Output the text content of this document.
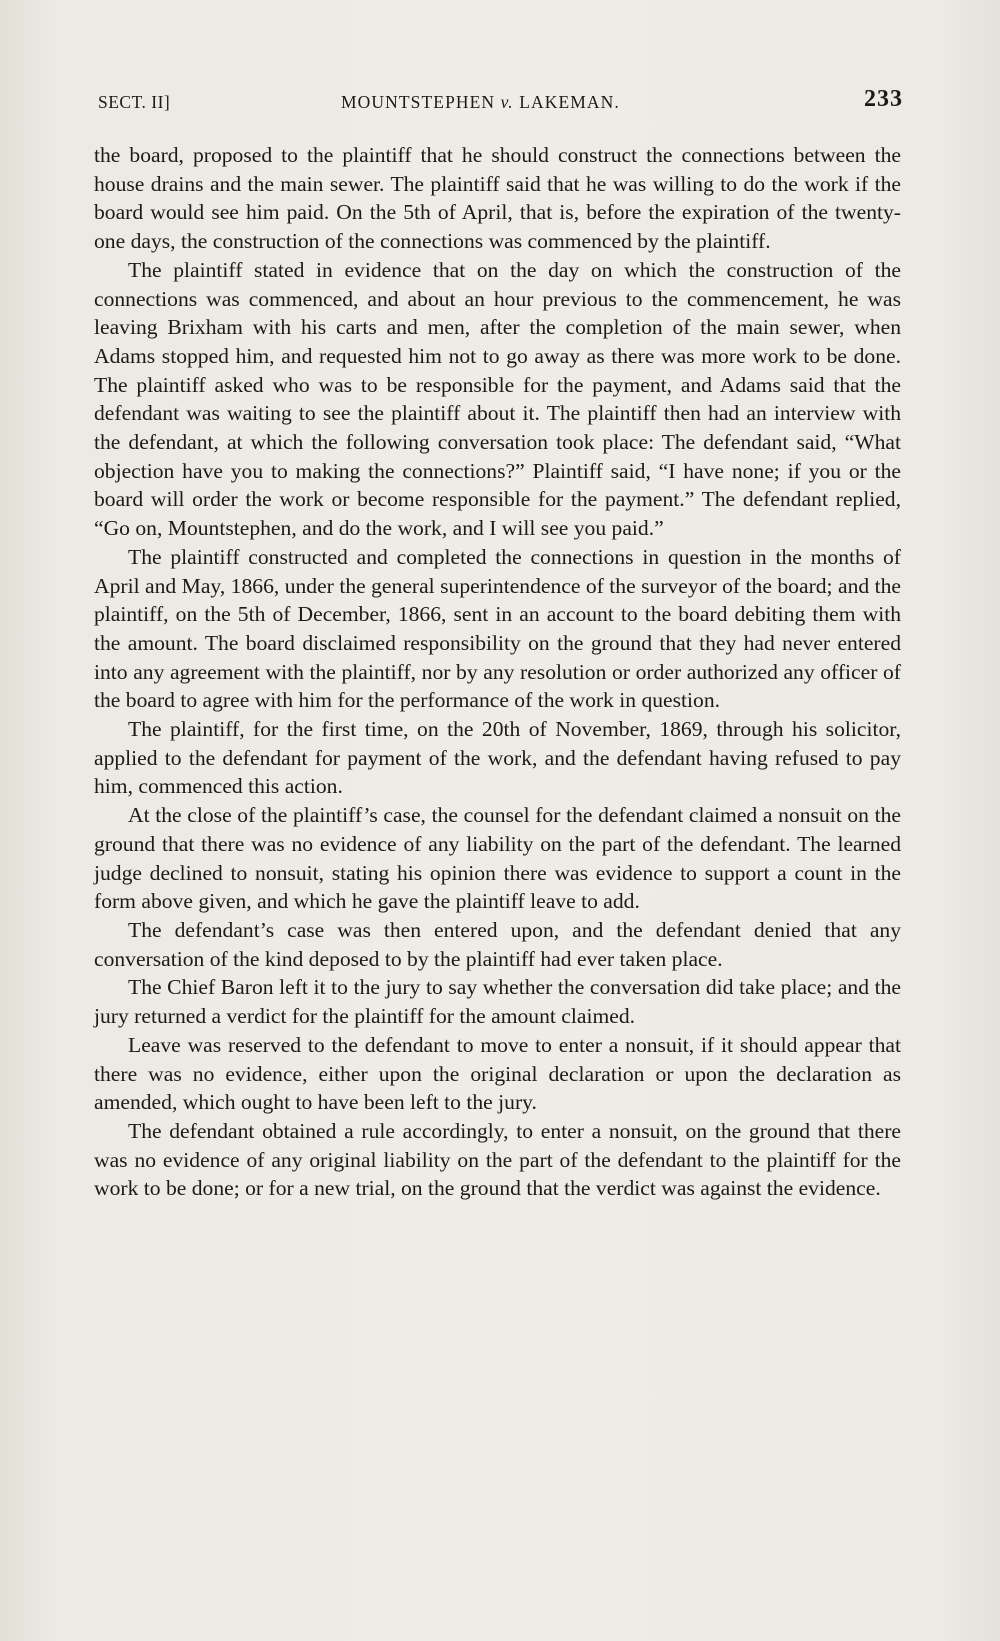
SECT. II]	MOUNTSTEPHEN v. LAKEMAN.	233

the board, proposed to the plaintiff that he should construct the connections between the house drains and the main sewer. The plaintiff said that he was willing to do the work if the board would see him paid. On the 5th of April, that is, before the expiration of the twenty-one days, the construction of the connections was commenced by the plaintiff.

The plaintiff stated in evidence that on the day on which the construction of the connections was commenced, and about an hour previous to the commencement, he was leaving Brixham with his carts and men, after the completion of the main sewer, when Adams stopped him, and requested him not to go away as there was more work to be done. The plaintiff asked who was to be responsible for the payment, and Adams said that the defendant was waiting to see the plaintiff about it. The plaintiff then had an interview with the defendant, at which the following conversation took place: The defendant said, “What objection have you to making the connections?” Plaintiff said, “I have none; if you or the board will order the work or become responsible for the payment.” The defendant replied, “Go on, Mountstephen, and do the work, and I will see you paid.”

The plaintiff constructed and completed the connections in question in the months of April and May, 1866, under the general superintendence of the surveyor of the board; and the plaintiff, on the 5th of December, 1866, sent in an account to the board debiting them with the amount. The board disclaimed responsibility on the ground that they had never entered into any agreement with the plaintiff, nor by any resolution or order authorized any officer of the board to agree with him for the performance of the work in question.

The plaintiff, for the first time, on the 20th of November, 1869, through his solicitor, applied to the defendant for payment of the work, and the defendant having refused to pay him, commenced this action.

At the close of the plaintiff’s case, the counsel for the defendant claimed a nonsuit on the ground that there was no evidence of any liability on the part of the defendant. The learned judge declined to nonsuit, stating his opinion there was evidence to support a count in the form above given, and which he gave the plaintiff leave to add.

The defendant’s case was then entered upon, and the defendant denied that any conversation of the kind deposed to by the plaintiff had ever taken place.

The Chief Baron left it to the jury to say whether the conversation did take place; and the jury returned a verdict for the plaintiff for the amount claimed.

Leave was reserved to the defendant to move to enter a nonsuit, if it should appear that there was no evidence, either upon the original declaration or upon the declaration as amended, which ought to have been left to the jury.

The defendant obtained a rule accordingly, to enter a nonsuit, on the ground that there was no evidence of any original liability on the part of the defendant to the plaintiff for the work to be done; or for a new trial, on the ground that the verdict was against the evidence.
